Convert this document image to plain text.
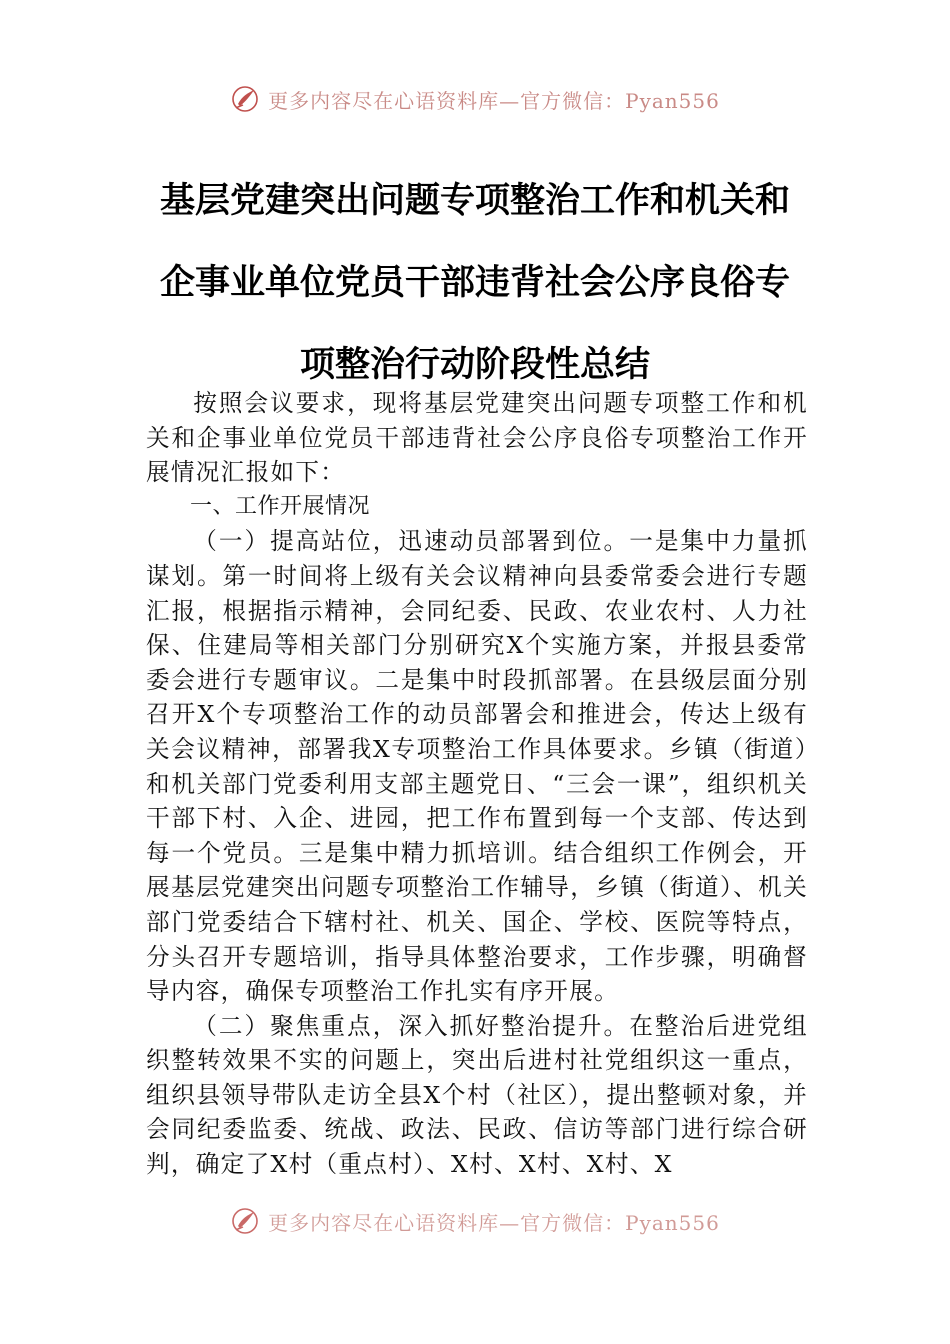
更多内容尽在心语资料库—官方微信：Pyan556
基层党建突出问题专项整治工作和机关和
企事业单位党员干部违背社会公序良俗专
项整治行动阶段性总结

按照会议要求，现将基层党建突出问题专项整工作和机关和企事业单位党员干部违背社会公序良俗专项整治工作开展情况汇报如下：

一、工作开展情况

（一）提高站位，迅速动员部署到位。一是集中力量抓谋划。第一时间将上级有关会议精神向县委常委会进行专题汇报，根据指示精神，会同纪委、民政、农业农村、人力社保、住建局等相关部门分别研究X个实施方案，并报县委常委会进行专题审议。二是集中时段抓部署。在县级层面分别召开X个专项整治工作的动员部署会和推进会，传达上级有关会议精神，部署我X专项整治工作具体要求。乡镇（街道）和机关部门党委利用支部主题党日、“三会一课”，组织机关干部下村、入企、进园，把工作布置到每一个支部、传达到每一个党员。三是集中精力抓培训。结合组织工作例会，开展基层党建突出问题专项整治工作辅导，乡镇（街道）、机关部门党委结合下辖村社、机关、国企、学校、医院等特点，分头召开专题培训，指导具体整治要求，工作步骤，明确督导内容，确保专项整治工作扎实有序开展。

（二）聚焦重点，深入抓好整治提升。在整治后进党组织整转效果不实的问题上，突出后进村社党组织这一重点，组织县领导带队走访全县X个村（社区），提出整顿对象，并会同纪委监委、统战、政法、民政、信访等部门进行综合研判，确定了X村（重点村）、X村、X村、X村、X

更多内容尽在心语资料库—官方微信：Pyan556
